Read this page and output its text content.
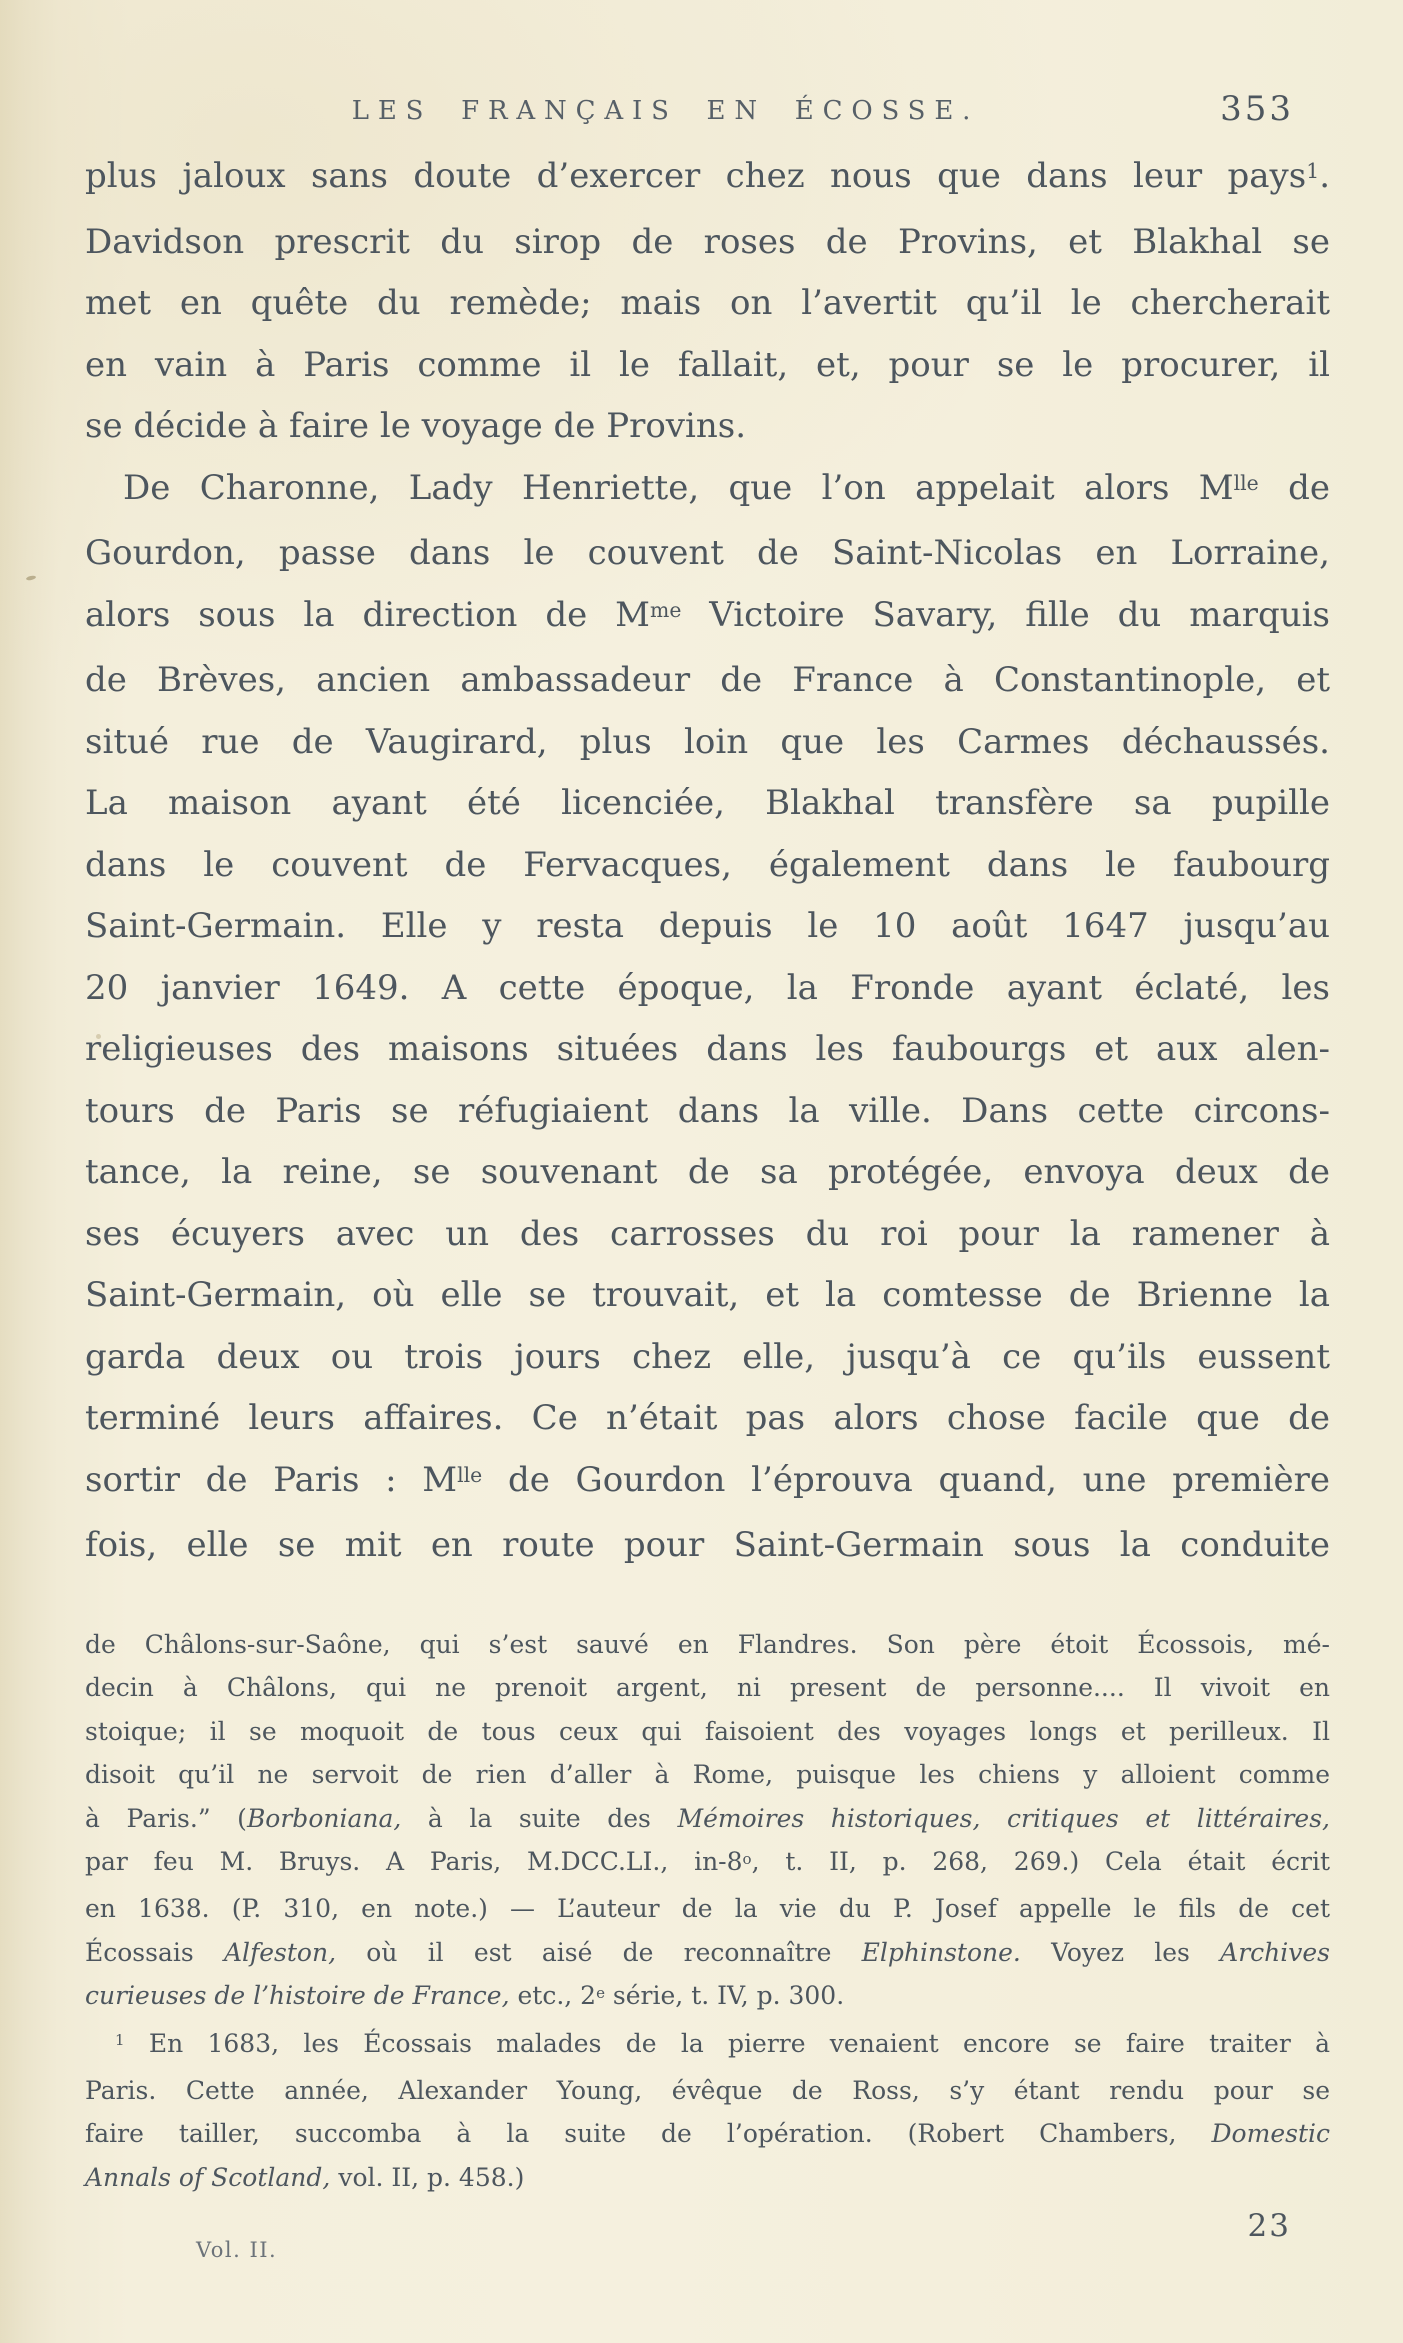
LES FRANÇAIS EN ÉCOSSE.	353
plus jaloux sans doute d’exercer chez nous que dans leur pays$^1$.
Davidson prescrit du sirop de roses de Provins, et Blakhal se
met en quête du remède; mais on l’avertit qu’il le chercherait
en vain à Paris comme il le fallait, et, pour se le procurer, il
se décide à faire le voyage de Provins.
De Charonne, Lady Henriette, que l’on appelait alors $M^{lle}$ de
Gourdon, passe dans le couvent de Saint-Nicolas en Lorraine,
alors sous la direction de $M^{me}$ Victoire Savary, fille du marquis
de Brèves, ancien ambassadeur de France à Constantinople, et
situé rue de Vaugirard, plus loin que les Carmes déchaussés.
La maison ayant été licenciée, Blakhal transfère sa pupille
dans le couvent de Fervacques, également dans le faubourg
Saint-Germain. Elle y resta depuis le 10 août 1647 jusqu’au
20 janvier 1649. A cette époque, la Fronde ayant éclaté, les
religieuses des maisons situées dans les faubourgs et aux alen-
tours de Paris se réfugiaient dans la ville. Dans cette circons-
tance, la reine, se souvenant de sa protégée, envoya deux de
ses écuyers avec un des carrosses du roi pour la ramener à
Saint-Germain, où elle se trouvait, et la comtesse de Brienne la
garda deux ou trois jours chez elle, jusqu’à ce qu’ils eussent
terminé leurs affaires. Ce n’était pas alors chose facile que de
sortir de Paris : $M^{lle}$ de Gourdon l’éprouva quand, une première
fois, elle se mit en route pour Saint-Germain sous la conduite
de Châlons-sur-Saône, qui s’est sauvé en Flandres. Son père étoit Écossois, mé-
decin à Châlons, qui ne prenoit argent, ni present de personne.... Il vivoit en
stoique; il se moquoit de tous ceux qui faisoient des voyages longs et perilleux. Il
disoit qu’il ne servoit de rien d’aller à Rome, puisque les chiens y alloient comme
à Paris.” (Borboniana, à la suite des Mémoires historiques, critiques et littéraires,
par feu M. Bruys. A Paris, M.DCC.LI., in-8$^o$, t. II, p. 268, 269.) Cela était écrit
en 1638. (P. 310, en note.) — L’auteur de la vie du P. Josef appelle le fils de cet
Écossais Alfeston, où il est aisé de reconnaître Elphinstone. Voyez les Archives
curieuses de l’histoire de France, etc., 2e série, t. IV, p. 300.
$^1$ En 1683, les Écossais malades de la pierre venaient encore se faire traiter à
Paris. Cette année, Alexander Young, évêque de Ross, s’y étant rendu pour se
faire tailler, succomba à la suite de l’opération. (Robert Chambers, Domestic
Annals of Scotland, vol. II, p. 458.)
Vol. II.
23
